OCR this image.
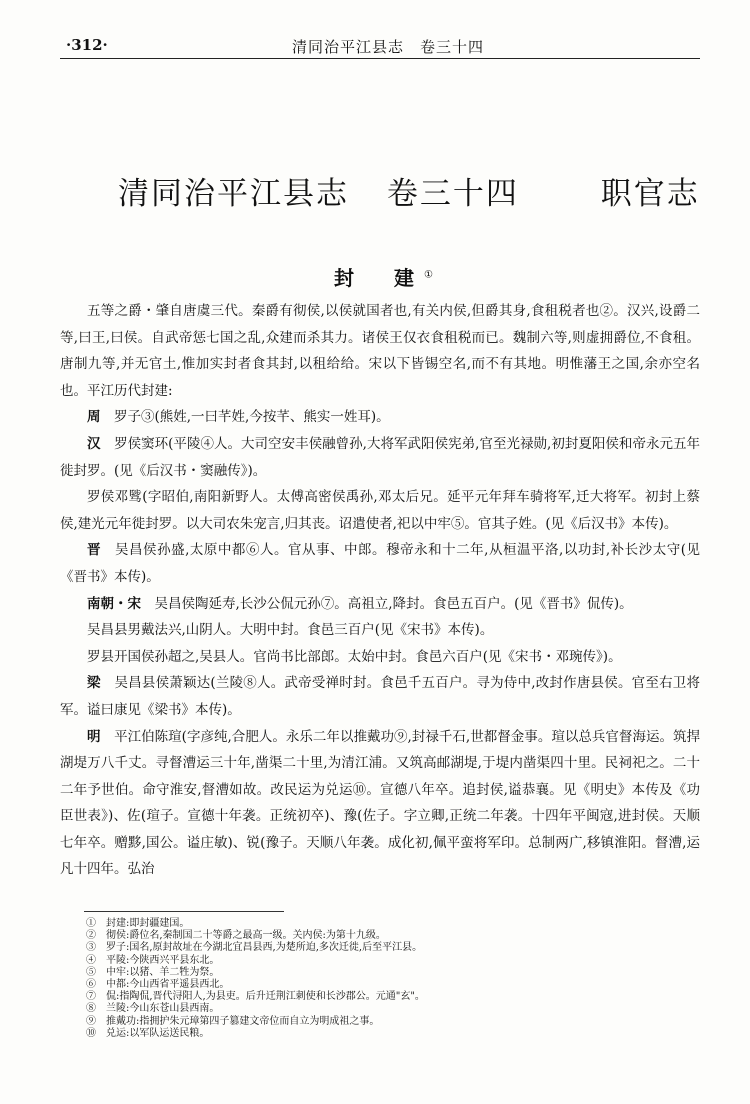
·312·	清同治平江县志　卷三十四
清同治平江县志 卷三十四	职官志
封　建①

五等之爵・肇自唐虞三代。秦爵有彻侯,以侯就国者也,有关内侯,但爵其身,食租税者也②。汉兴,设爵二等,曰王,曰侯。自武帝惩七国之乱,众建而杀其力。诸侯王仅衣食租税而已。魏制六等,则虚拥爵位,不食租。唐制九等,并无官土,惟加实封者食其封,以租给给。宋以下皆锡空名,而不有其地。明惟藩王之国,余亦空名也。平江历代封建:

周　 罗子③(熊姓,一曰芊姓,今按芊、熊实一姓耳)。

汉　 罗侯窦环(平陵④人。大司空安丰侯融曾孙,大将军武阳侯宪弟,官至光禄勋,初封夏阳侯和帝永元五年徙封罗。(见《后汉书・窦融传》)。

罗侯邓骘(字昭伯,南阳新野人。太傅高密侯禹孙,邓太后兄。延平元年拜车骑将军,迁大将军。初封上蔡侯,建光元年徙封罗。以大司农朱宠言,归其丧。诏遣使者,祀以中牢⑤。官其子姓。(见《后汉书》本传)。

晋　 吴昌侯孙盛,太原中都⑥人。官从事、中郎。穆帝永和十二年,从桓温平洛,以功封,补长沙太守(见《晋书》本传)。

南朝・宋　 吴昌侯陶延寿,长沙公侃元孙⑦。高祖立,降封。食邑五百户。(见《晋书》侃传)。

吴昌县男戴法兴,山阴人。大明中封。食邑三百户(见《宋书》本传)。

罗县开国侯孙超之,吴县人。官尚书比部郎。太始中封。食邑六百户(见《宋书・邓琬传》)。

梁　 吴昌县侯萧颖达(兰陵⑧人。武帝受禅时封。食邑千五百户。寻为侍中,改封作唐县侯。官至右卫将军。谥曰康见《梁书》本传)。

明　 平江伯陈瑄(字彦纯,合肥人。永乐二年以推戴功⑨,封禄千石,世都督金事。瑄以总兵官督海运。筑捍湖堤万八千丈。寻督漕运三十年,凿渠二十里,为清江浦。又筑高邮湖堤,于堤内凿渠四十里。民祠祀之。二十二年予世伯。命守淮安,督漕如故。改民运为兑运⑩。宣德八年卒。追封侯,谥恭襄。见《明史》本传及《功臣世表》)、佐(瑄子。宣德十年袭。正统初卒)、豫(佐子。字立卿,正统二年袭。十四年平闽寇,进封侯。天顺七年卒。赠黟,国公。谥庄敏)、锐(豫子。天顺八年袭。成化初,佩平蛮将军印。总制两广,移镇淮阳。督漕,运凡十四年。弘治

①　封建:即封疆建国。
②　彻侯:爵位名,秦制国二十等爵之最高一级。关内侯:为第十九级。
③　罗子:国名,原封故址在今湖北宜昌县西,为楚所迫,多次迁徙,后至平江县。
④　平陵:今陕西兴平县东北。
⑤　中牢:以猪、羊二牲为祭。
⑥　中都:今山西省平遥县西北。
⑦　侃:指陶侃,晋代浔阳人,为县吏。后升迁荆江刺使和长沙郡公。元通"玄"。
⑧　兰陵:今山东苍山县西南。
⑨　推戴功:指拥护朱元璋第四子篡建文帝位而自立为明成祖之事。
⑩　兑运:以军队运送民粮。
